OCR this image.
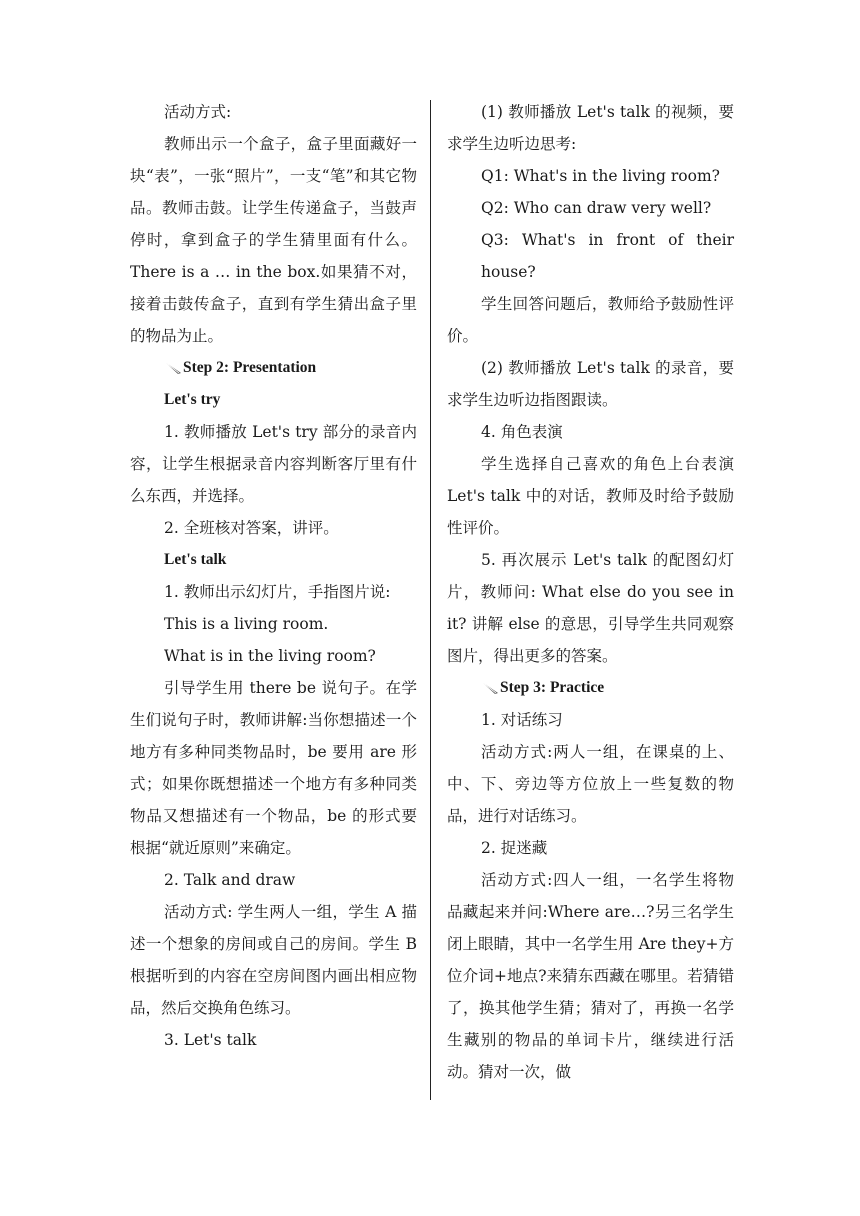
活动方式:

教师出示一个盒子，盒子里面藏好一块“表”，一张“照片”，一支“笔”和其它物品。教师击鼓。让学生传递盒子，当鼓声停时，拿到盒子的学生猜里面有什么。There is a … in the box.如果猜不对，接着击鼓传盒子，直到有学生猜出盒子里的物品为止。

Step 2: Presentation

Let's try

1. 教师播放 Let's try 部分的录音内容，让学生根据录音内容判断客厅里有什么东西，并选择。

2. 全班核对答案，讲评。

Let's talk

1. 教师出示幻灯片，手指图片说:

This is a living room.

What is in the living room?

引导学生用 there be 说句子。在学生们说句子时，教师讲解:当你想描述一个地方有多种同类物品时，be 要用 are 形式；如果你既想描述一个地方有多种同类物品又想描述有一个物品，be 的形式要根据“就近原则”来确定。

2. Talk and draw

活动方式: 学生两人一组，学生 A 描述一个想象的房间或自己的房间。学生 B 根据听到的内容在空房间图内画出相应物品，然后交换角色练习。

3. Let's talk

(1) 教师播放 Let's talk 的视频，要求学生边听边思考:

Q1: What's in the living room?

Q2: Who can draw very well?

Q3: What's in front of their house?

学生回答问题后，教师给予鼓励性评价。

(2) 教师播放 Let's talk 的录音，要求学生边听边指图跟读。

4. 角色表演

学生选择自己喜欢的角色上台表演 Let's talk 中的对话，教师及时给予鼓励性评价。

5. 再次展示 Let's talk 的配图幻灯片，教师问: What else do you see in it? 讲解 else 的意思，引导学生共同观察图片，得出更多的答案。

Step 3: Practice

1. 对话练习

活动方式:两人一组，在课桌的上、中、下、旁边等方位放上一些复数的物品，进行对话练习。

2. 捉迷藏

活动方式:四人一组，一名学生将物品藏起来并问:Where are…?另三名学生闭上眼睛，其中一名学生用 Are they+方位介词+地点?来猜东西藏在哪里。若猜错了，换其他学生猜；猜对了，再换一名学生藏别的物品的单词卡片，继续进行活动。猜对一次，做
